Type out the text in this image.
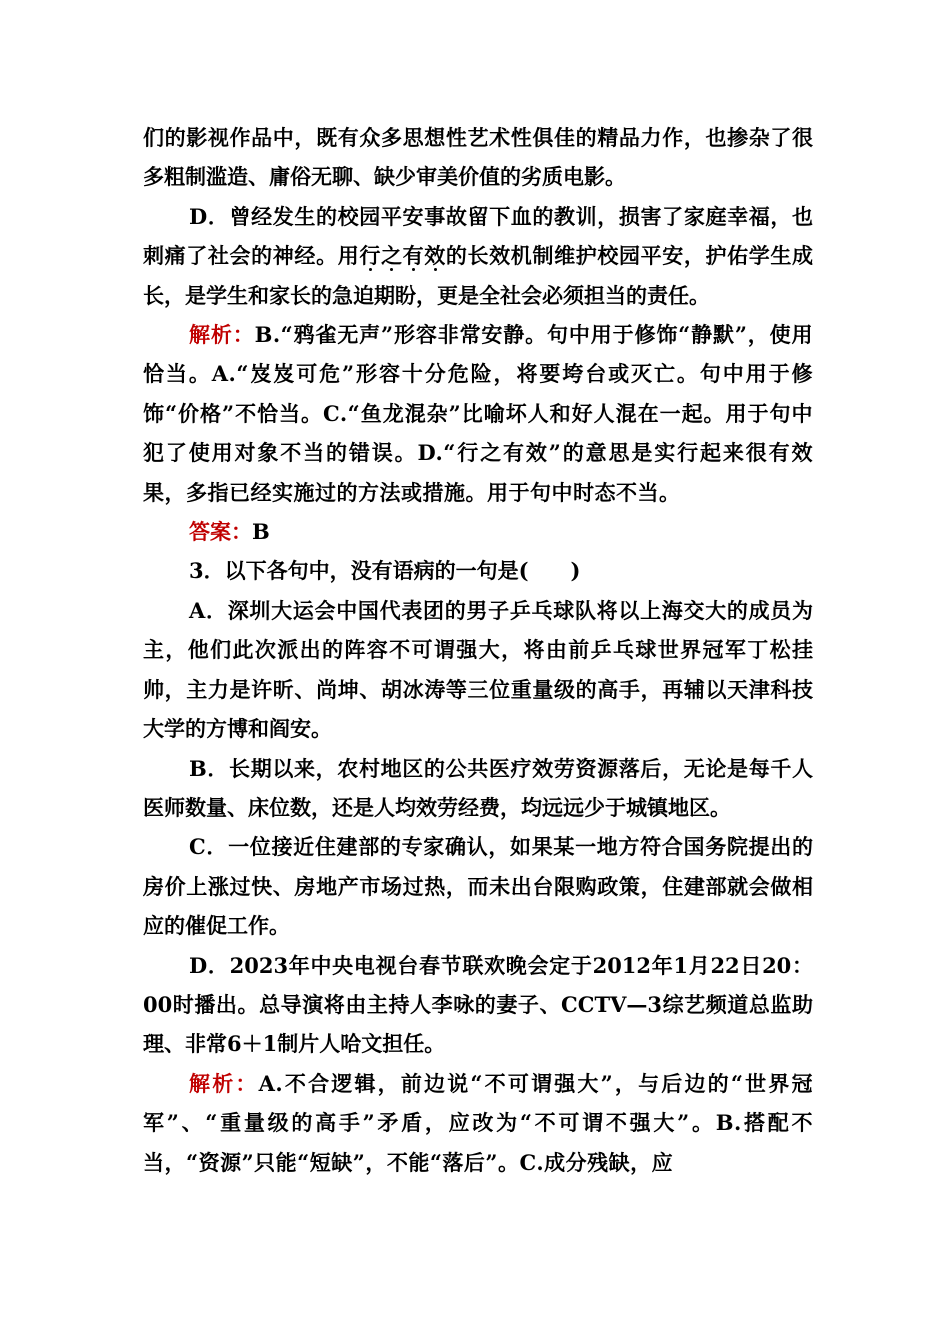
们的影视作品中，既有众多思想性艺术性俱佳的精品力作，也掺杂了很多粗制滥造、庸俗无聊、缺少审美价值的劣质电影。

D．曾经发生的校园平安事故留下血的教训，损害了家庭幸福，也刺痛了社会的神经。用行之有效的长效机制维护校园平安，护佑学生成长，是学生和家长的急迫期盼，更是全社会必须担当的责任。

解析：B.“鸦雀无声”形容非常安静。句中用于修饰“静默”，使用恰当。A.“岌岌可危”形容十分危险，将要垮台或灭亡。句中用于修饰“价格”不恰当。C.“鱼龙混杂”比喻坏人和好人混在一起。用于句中犯了使用对象不当的错误。D.“行之有效”的意思是实行起来很有效果，多指已经实施过的方法或措施。用于句中时态不当。

答案：B

3．以下各句中，没有语病的一句是(　　)

A．深圳大运会中国代表团的男子乒乓球队将以上海交大的成员为主，他们此次派出的阵容不可谓强大，将由前乒乓球世界冠军丁松挂帅，主力是许昕、尚坤、胡冰涛等三位重量级的高手，再辅以天津科技大学的方博和阎安。

B．长期以来，农村地区的公共医疗效劳资源落后，无论是每千人医师数量、床位数，还是人均效劳经费，均远远少于城镇地区。

C．一位接近住建部的专家确认，如果某一地方符合国务院提出的房价上涨过快、房地产市场过热，而未出台限购政策，住建部就会做相应的催促工作。

D．2023年中央电视台春节联欢晚会定于2012年1月22日20：00时播出。总导演将由主持人李咏的妻子、CCTV—3综艺频道总监助理、非常6＋1制片人哈文担任。

解析：A.不合逻辑，前边说“不可谓强大”，与后边的“世界冠军”、“重量级的高手”矛盾，应改为“不可谓不强大”。B.搭配不当，“资源”只能“短缺”，不能“落后”。C.成分残缺，应
